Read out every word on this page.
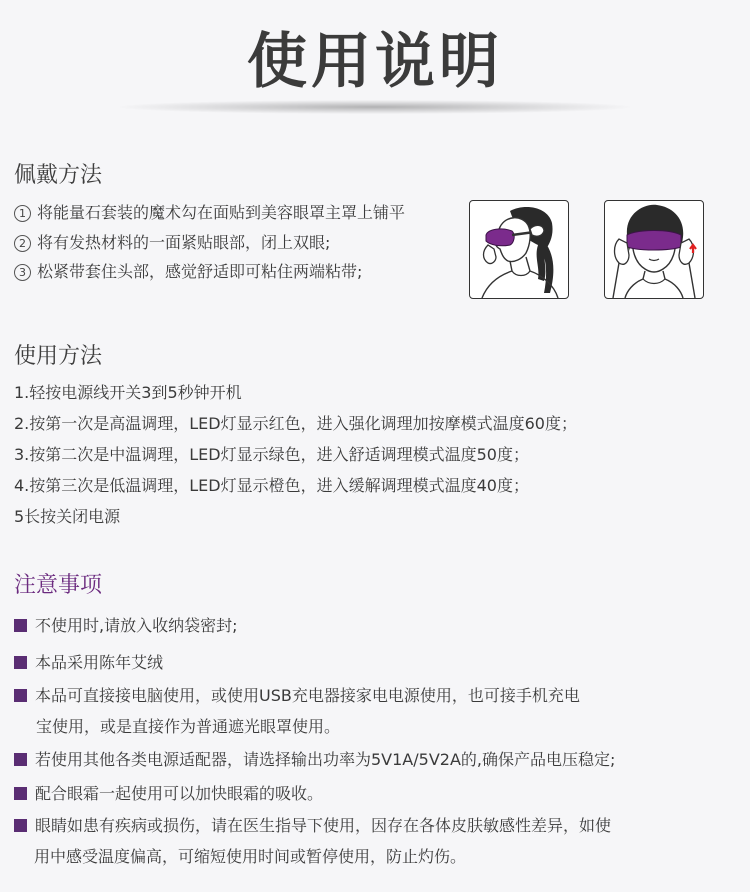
使用说明
佩戴方法
1 将能量石套装的魔术勾在面贴到美容眼罩主罩上铺平
2 将有发热材料的一面紧贴眼部，闭上双眼;
3 松紧带套住头部，感觉舒适即可粘住两端粘带;
使用方法
1.轻按电源线开关3到5秒钟开机
2.按第一次是高温调理，LED灯显示红色，进入强化调理加按摩模式温度60度；
3.按第二次是中温调理，LED灯显示绿色，进入舒适调理模式温度50度；
4.按第三次是低温调理，LED灯显示橙色，进入缓解调理模式温度40度；
5长按关闭电源
注意事项
不使用时,请放入收纳袋密封;
本品采用陈年艾绒
本品可直接接电脑使用，或使用USB充电器接家电电源使用，也可接手机充电
宝使用，或是直接作为普通遮光眼罩使用。
若使用其他各类电源适配器，请选择输出功率为5V1A/5V2A的,确保产品电压稳定;
配合眼霜一起使用可以加快眼霜的吸收。
眼睛如患有疾病或损伤，请在医生指导下使用，因存在各体皮肤敏感性差异，如使
用中感受温度偏高，可缩短使用时间或暂停使用，防止灼伤。
